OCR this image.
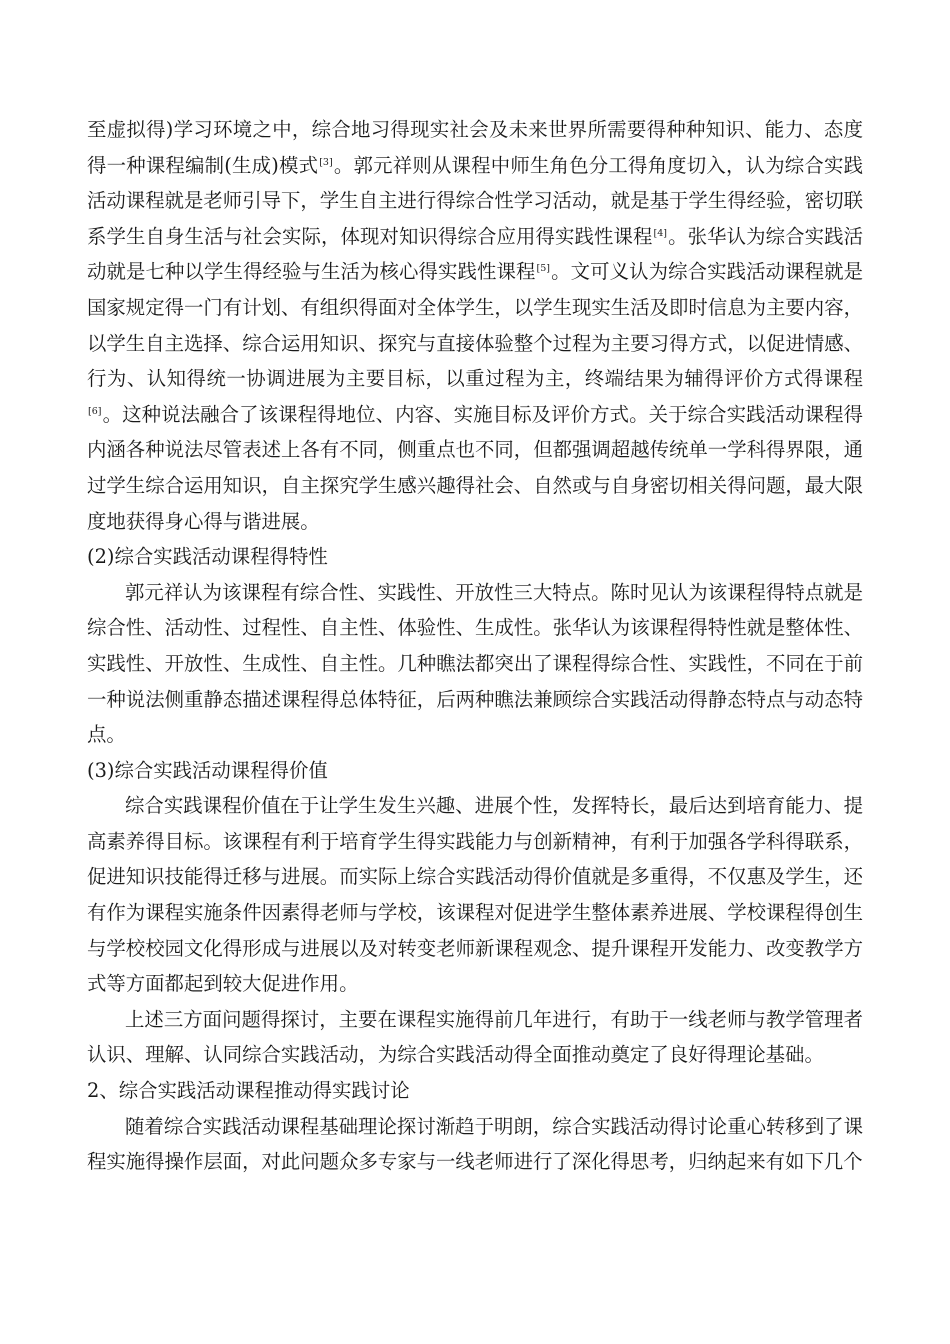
至虚拟得)学习环境之中，综合地习得现实社会及未来世界所需要得种种知识、能力、态度得一种课程编制(生成)模式[3]。郭元祥则从课程中师生角色分工得角度切入，认为综合实践活动课程就是老师引导下，学生自主进行得综合性学习活动，就是基于学生得经验，密切联系学生自身生活与社会实际，体现对知识得综合应用得实践性课程[4]。张华认为综合实践活动就是七种以学生得经验与生活为核心得实践性课程[5]。文可义认为综合实践活动课程就是国家规定得一门有计划、有组织得面对全体学生，以学生现实生活及即时信息为主要内容，以学生自主选择、综合运用知识、探究与直接体验整个过程为主要习得方式，以促进情感、行为、认知得统一协调进展为主要目标，以重过程为主，终端结果为辅得评价方式得课程[6]。这种说法融合了该课程得地位、内容、实施目标及评价方式。关于综合实践活动课程得内涵各种说法尽管表述上各有不同，侧重点也不同，但都强调超越传统单一学科得界限，通过学生综合运用知识，自主探究学生感兴趣得社会、自然或与自身密切相关得问题，最大限度地获得身心得与谐进展。

(2)综合实践活动课程得特性

郭元祥认为该课程有综合性、实践性、开放性三大特点。陈时见认为该课程得特点就是综合性、活动性、过程性、自主性、体验性、生成性。张华认为该课程得特性就是整体性、实践性、开放性、生成性、自主性。几种瞧法都突出了课程得综合性、实践性，不同在于前一种说法侧重静态描述课程得总体特征，后两种瞧法兼顾综合实践活动得静态特点与动态特点。

(3)综合实践活动课程得价值

综合实践课程价值在于让学生发生兴趣、进展个性，发挥特长，最后达到培育能力、提高素养得目标。该课程有利于培育学生得实践能力与创新精神，有利于加强各学科得联系，促进知识技能得迁移与进展。而实际上综合实践活动得价值就是多重得，不仅惠及学生，还有作为课程实施条件因素得老师与学校，该课程对促进学生整体素养进展、学校课程得创生与学校校园文化得形成与进展以及对转变老师新课程观念、提升课程开发能力、改变教学方式等方面都起到较大促进作用。

上述三方面问题得探讨，主要在课程实施得前几年进行，有助于一线老师与教学管理者认识、理解、认同综合实践活动，为综合实践活动得全面推动奠定了良好得理论基础。

2、综合实践活动课程推动得实践讨论

随着综合实践活动课程基础理论探讨渐趋于明朗，综合实践活动得讨论重心转移到了课程实施得操作层面，对此问题众多专家与一线老师进行了深化得思考，归纳起来有如下几个
